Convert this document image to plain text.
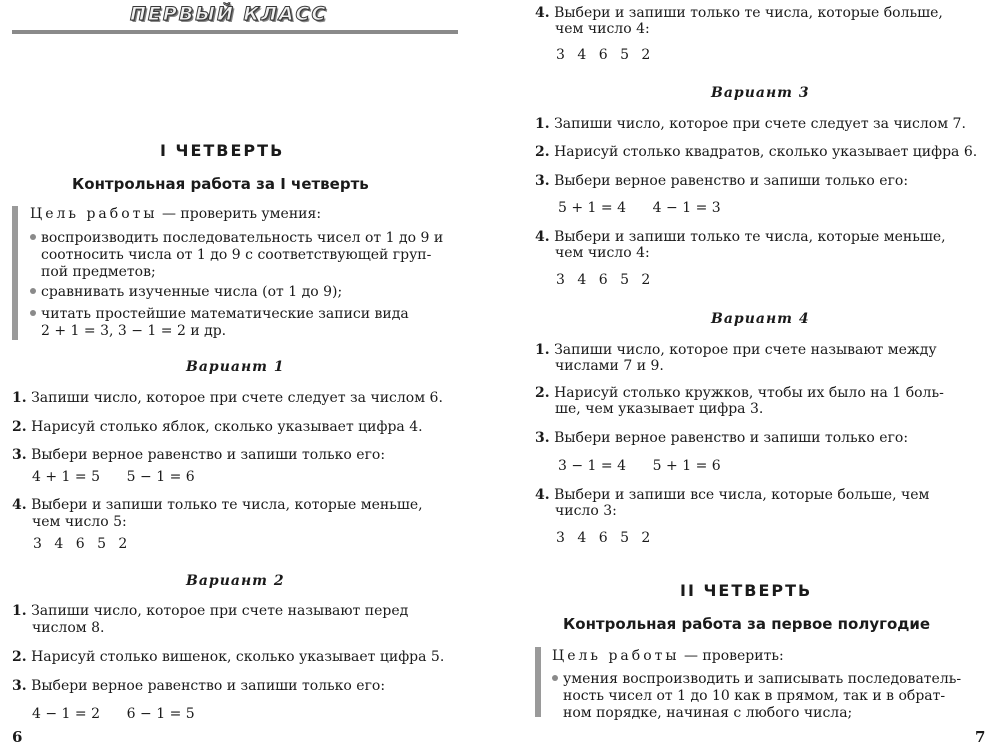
ПЕРВЫЙ КЛАСС
I ЧЕТВЕРТЬ
Контрольная работа за I четверть
Цель работы — проверить умения:
воспроизводить последовательность чисел от 1 до 9 и
соотносить числа от 1 до 9 с соответствующей груп-
пой предметов;
сравнивать изученные числа (от 1 до 9);
читать простейшие математические записи вида
2 + 1 = 3, 3 − 1 = 2 и др.
Вариант 1
1. Запиши число, которое при счете следует за числом 6.
2. Нарисуй столько яблок, сколько указывает цифра 4.
3. Выбери верное равенство и запиши только его:
4 + 1 = 5      5 − 1 = 6
4. Выбери и запиши только те числа, которые меньше,
чем число 5:
3 4 6 5 2
Вариант 2
1. Запиши число, которое при счете называют перед
числом 8.
2. Нарисуй столько вишенок, сколько указывает цифра 5.
3. Выбери верное равенство и запиши только его:
4 − 1 = 2      6 − 1 = 5
6
4. Выбери и запиши только те числа, которые больше,
чем число 4:
3 4 6 5 2
Вариант 3
1. Запиши число, которое при счете следует за числом 7.
2. Нарисуй столько квадратов, сколько указывает цифра 6.
3. Выбери верное равенство и запиши только его:
5 + 1 = 4      4 − 1 = 3
4. Выбери и запиши только те числа, которые меньше,
чем число 4:
3 4 6 5 2
Вариант 4
1. Запиши число, которое при счете называют между
числами 7 и 9.
2. Нарисуй столько кружков, чтобы их было на 1 боль-
ше, чем указывает цифра 3.
3. Выбери верное равенство и запиши только его:
3 − 1 = 4      5 + 1 = 6
4. Выбери и запиши все числа, которые больше, чем
число 3:
3 4 6 5 2
II ЧЕТВЕРТЬ
Контрольная работа за первое полугодие
Цель работы — проверить:
умения воспроизводить и записывать последователь-
ность чисел от 1 до 10 как в прямом, так и в обрат-
ном порядке, начиная с любого числа;
7
